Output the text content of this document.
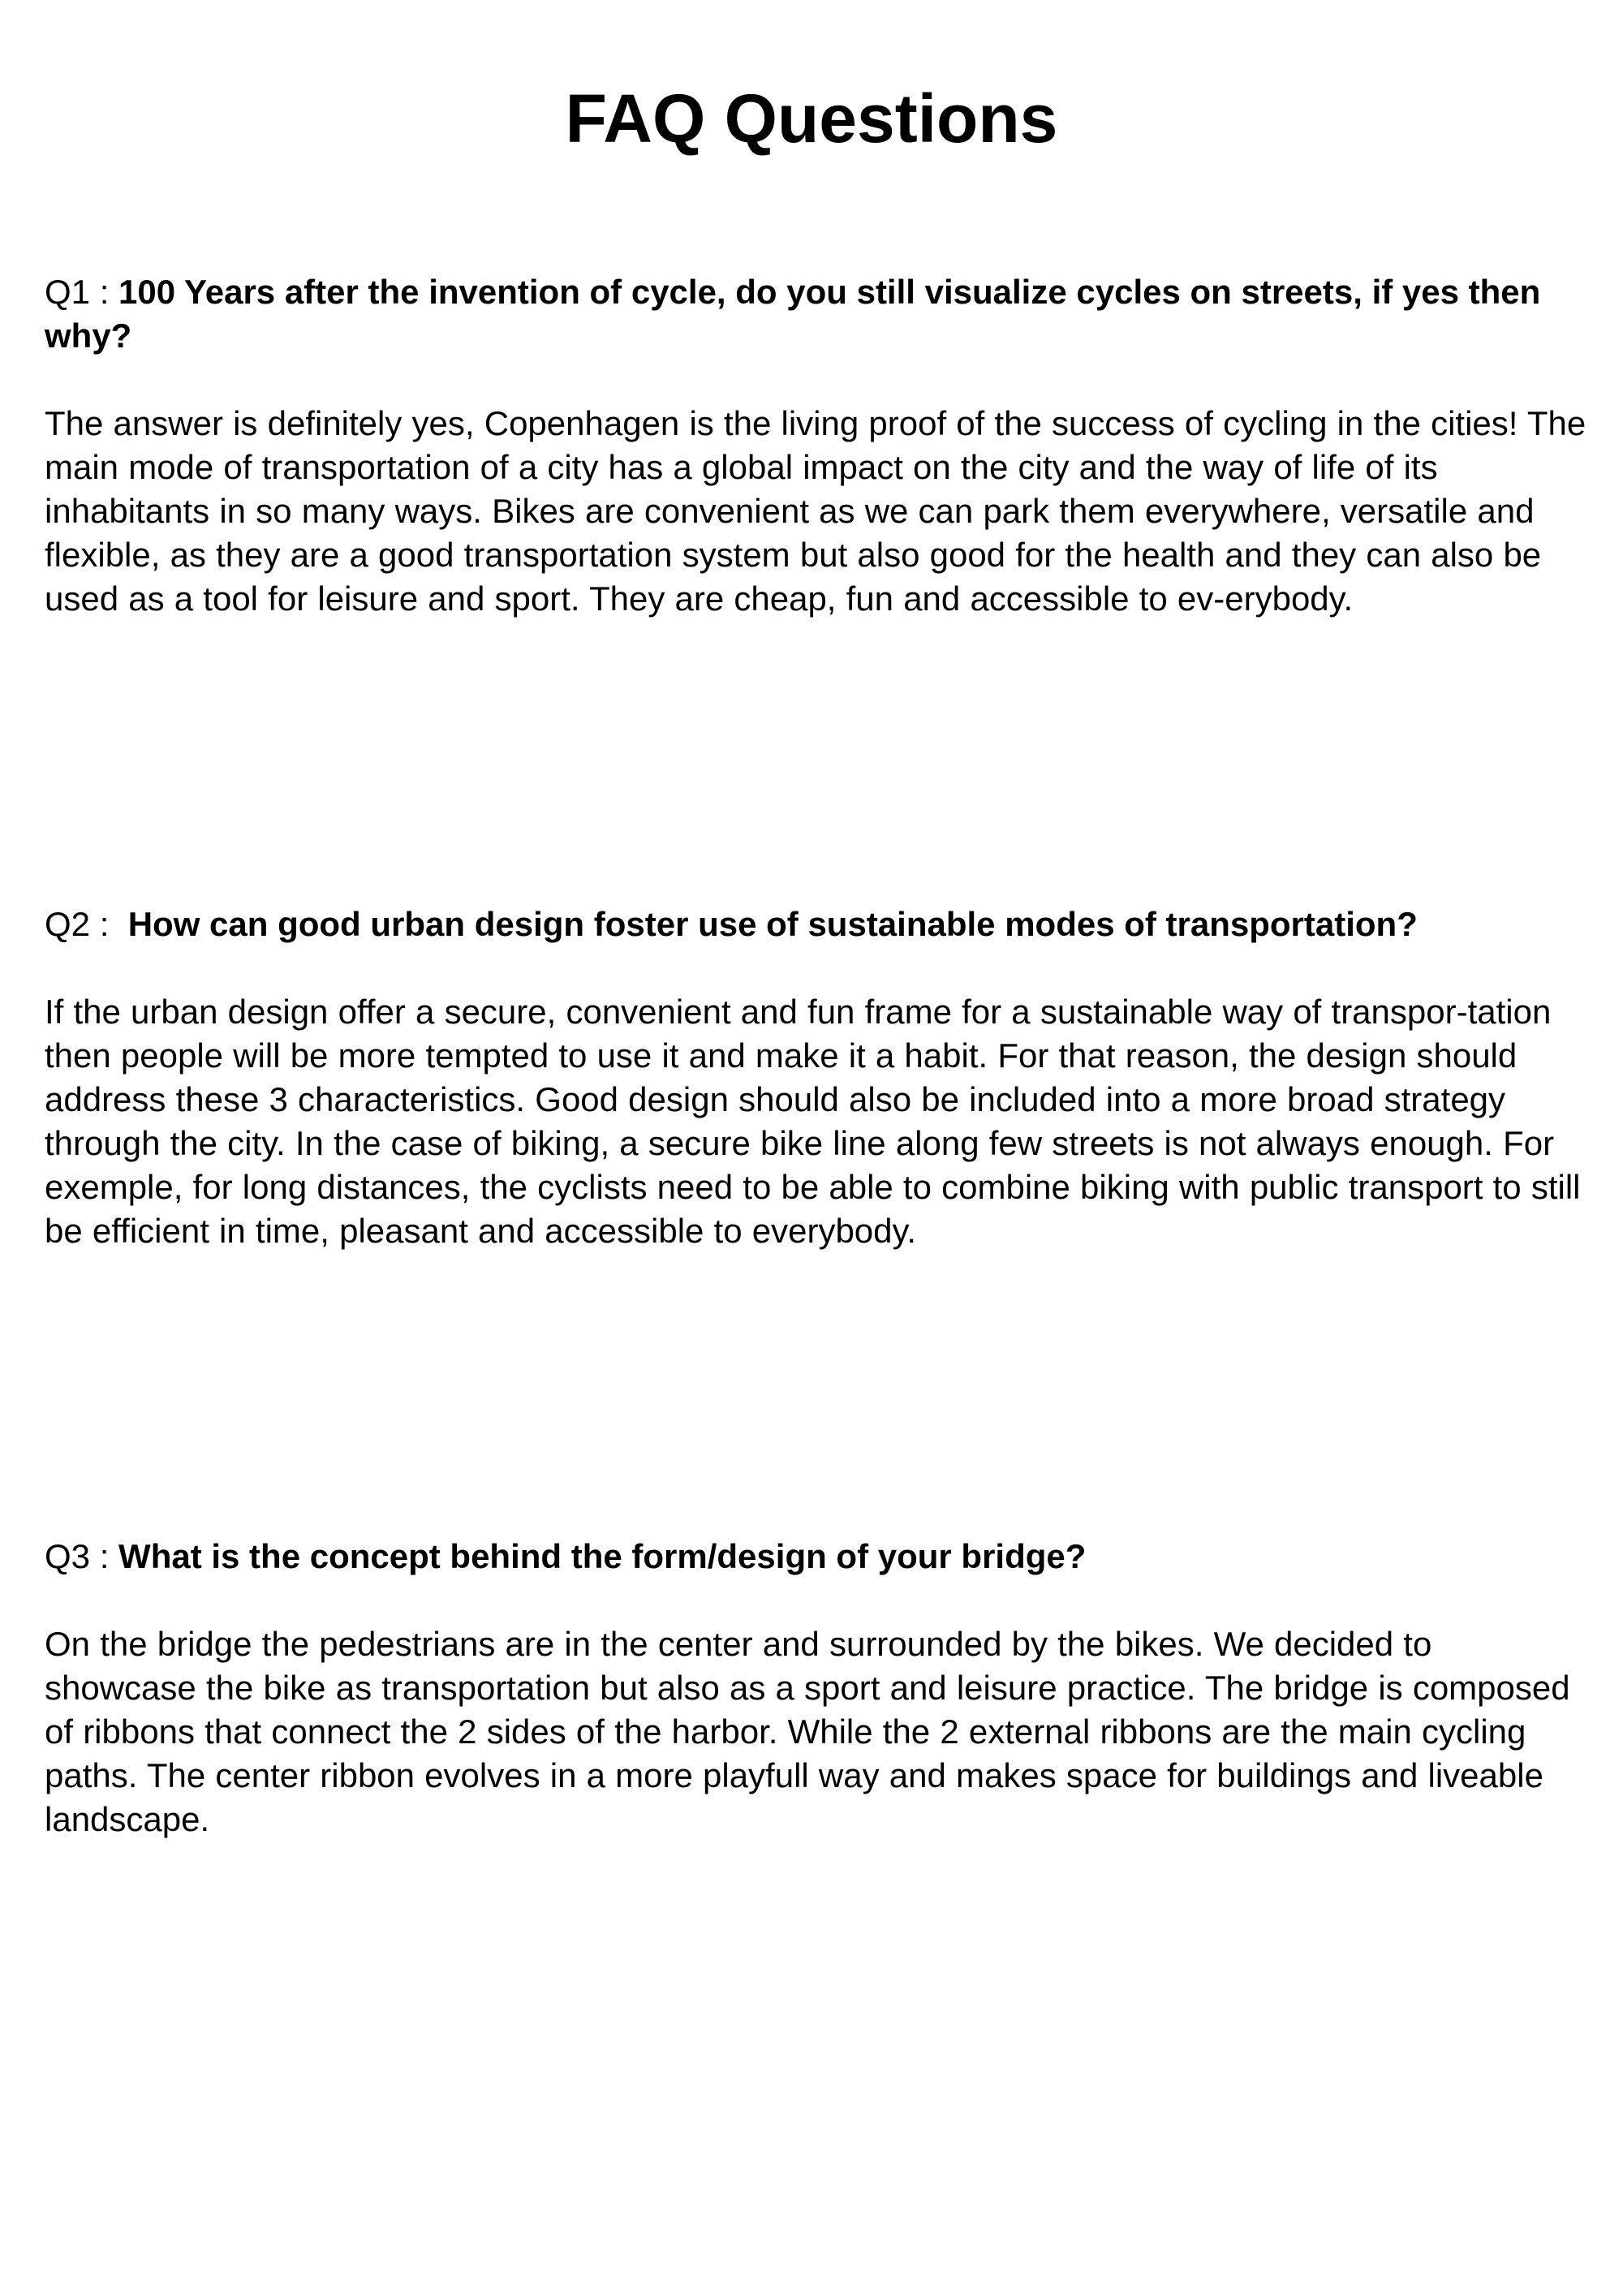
FAQ Questions

Q1 : 100 Years after the invention of cycle, do you still visualize cycles on streets, if yes then why?

The answer is definitely yes, Copenhagen is the living proof of the success of cycling in the cities! The main mode of transportation of a city has a global impact on the city and the way of life of its inhabitants in so many ways. Bikes are convenient as we can park them everywhere, versatile and flexible, as they are a good transportation system but also good for the health and they can also be used as a tool for leisure and sport. They are cheap, fun and accessible to ev-erybody.

Q2 : How can good urban design foster use of sustainable modes of transportation?

If the urban design offer a secure, convenient and fun frame for a sustainable way of transpor-tation then people will be more tempted to use it and make it a habit. For that reason, the design should address these 3 characteristics. Good design should also be included into a more broad strategy through the city. In the case of biking, a secure bike line along few streets is not always enough. For exemple, for long distances, the cyclists need to be able to combine biking with public transport to still be efficient in time, pleasant and accessible to everybody.

Q3 : What is the concept behind the form/design of your bridge?

On the bridge the pedestrians are in the center and surrounded by the bikes. We decided to showcase the bike as transportation but also as a sport and leisure practice. The bridge is composed of ribbons that connect the 2 sides of the harbor. While the 2 external ribbons are the main cycling paths. The center ribbon evolves in a more playfull way and makes space for buildings and liveable landscape.
